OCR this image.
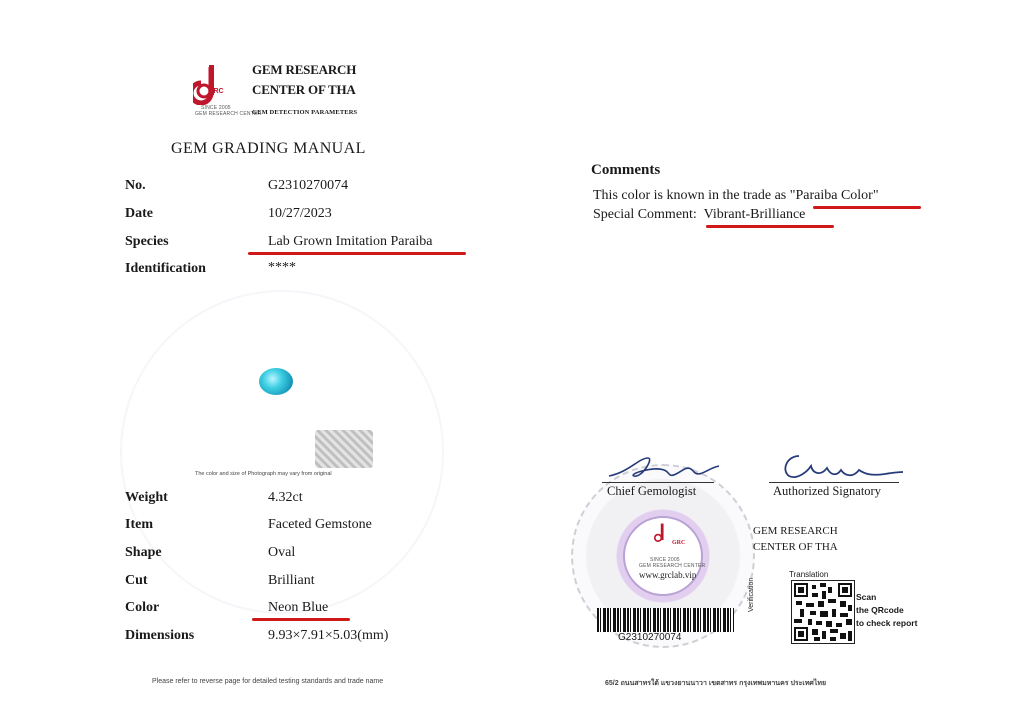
GRC
SINCE 2005
GEM RESEARCH CENTER
GEM RESEARCH
CENTER OF THA
GEM DETECTION PARAMETERS
GEM GRADING MANUAL
No.	G2310270074
Date	10/27/2023
Species	Lab Grown Imitation Paraiba
Identification	****
The color and size of Photograph may vary from original
Weight	4.32ct
Item	Faceted Gemstone
Shape	Oval
Cut	Brilliant
Color	Neon Blue
Dimensions	9.93×7.91×5.03(mm)
Please refer to reverse page for detailed testing standards and trade name
Comments
This color is known in the trade as "Paraiba Color"
Special Comment:  Vibrant-Brilliance
GRC
SINCE 2005
GEM RESEARCH CENTER
www.grclab.vip
Chief Gemologist	Authorized Signatory
GEM RESEARCH
CENTER OF THA
Translation
Verification	Scan
the QRcode
to check report
G2310270074
65/2 ถนนสาทรใต้ แขวงยานนาวา เขตสาทร กรุงเทพมหานคร ประเทศไทย
